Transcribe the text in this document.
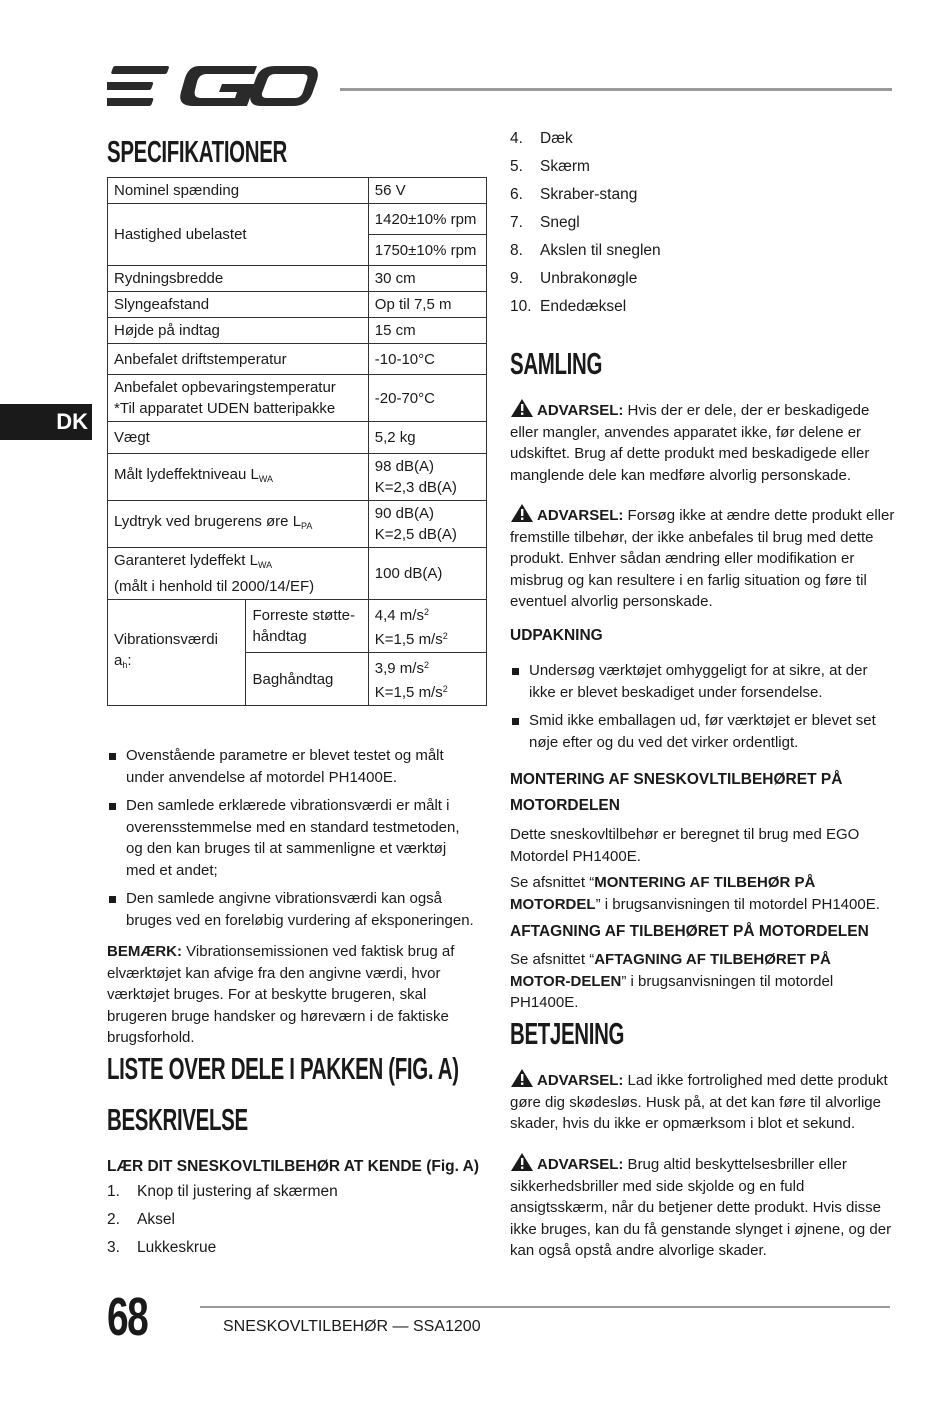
DK
SPECIFIKATIONER
Nominel spænding		56 V
Hastighed ubelastet		1420±10% rpm
		1750±10% rpm
Rydningsbredde		30 cm
Slyngeafstand		Op til 7,5 m
Højde på indtag		15 cm
Anbefalet driftstemperatur		-10-10°C

Anbefalet opbevaringstemperatur
*Til apparatet UDEN batteripakke		-20-70°C
Vægt		5,2 kg
Målt lydeffektniveau $L_{WA}$		98 dB(A)
K=2,3 dB(A)

Lydtryk ved brugerens øre $L_{PA}$		90 dB(A)
K=2,5 dB(A)

Garanteret lydeffekt $L_{WA}$
(målt i henhold til 2000/14/EF)		100 dB(A)
Vibrationsværdi $a_h$:	Forreste støtte-håndtag	4,4 $m/s^2$
K=1,5 $m/s^2$

	Baghåndtag	3,9 $m/s^2$
K=1,5 $m/s^2$
Ovenstående parametre er blevet testet og målt under anvendelse af motordel PH1400E.
Den samlede erklærede vibrationsværdi er målt i overensstemmelse med en standard testmetoden, og den kan bruges til at sammenligne et værktøj med et andet;
Den samlede angivne vibrationsværdi kan også bruges ved en foreløbig vurdering af eksponeringen.
BEMÆRK: Vibrationsemissionen ved faktisk brug af elværktøjet kan afvige fra den angivne værdi, hvor værktøjet bruges. For at beskytte brugeren, skal brugeren bruge handsker og høreværn i de faktiske brugsforhold.
LISTE OVER DELE I PAKKEN (FIG. A)
BESKRIVELSE
LÆR DIT SNESKOVLTILBEHØR AT KENDE (Fig. A)
1.	Knop til justering af skærmen
2.	Aksel
3.	Lukkeskrue
68	SNESKOVLTILBEHØR — SSA1200
4.	Dæk
5.	Skærm
6.	Skraber-stang
7.	Snegl
8.	Akslen til sneglen
9.	Unbrakonøgle
10. Endedæksel
SAMLING
ADVARSEL: Hvis der er dele, der er beskadigede eller mangler, anvendes apparatet ikke, før delene er udskiftet. Brug af dette produkt med beskadigede eller manglende dele kan medføre alvorlig personskade.
ADVARSEL: Forsøg ikke at ændre dette produkt eller fremstille tilbehør, der ikke anbefales til brug med dette produkt. Enhver sådan ændring eller modifikation er misbrug og kan resultere i en farlig situation og føre til eventuel alvorlig personskade.
UDPAKNING
Undersøg værktøjet omhyggeligt for at sikre, at der ikke er blevet beskadiget under forsendelse.
Smid ikke emballagen ud, før værktøjet er blevet set nøje efter og du ved det virker ordentligt.
MONTERING AF SNESKOVLTILBEHØRET PÅ
MOTORDELEN
Dette sneskovltilbehør er beregnet til brug med EGO Motordel PH1400E.
Se afsnittet “MONTERING AF TILBEHØR PÅ MOTORDEL” i brugsanvisningen til motordel PH1400E.
AFTAGNING AF TILBEHØRET PÅ MOTORDELEN
Se afsnittet “AFTAGNING AF TILBEHØRET PÅ MOTOR-DELEN” i brugsanvisningen til motordel PH1400E.
BETJENING
ADVARSEL: Lad ikke fortrolighed med dette produkt gøre dig skødesløs. Husk på, at det kan føre til alvorlige skader, hvis du ikke er opmærksom i blot et sekund.
ADVARSEL: Brug altid beskyttelsesbriller eller sikkerhedsbriller med side skjolde og en fuld ansigtsskærm, når du betjener dette produkt. Hvis disse ikke bruges, kan du få genstande slynget i øjnene, og der kan også opstå andre alvorlige skader.
